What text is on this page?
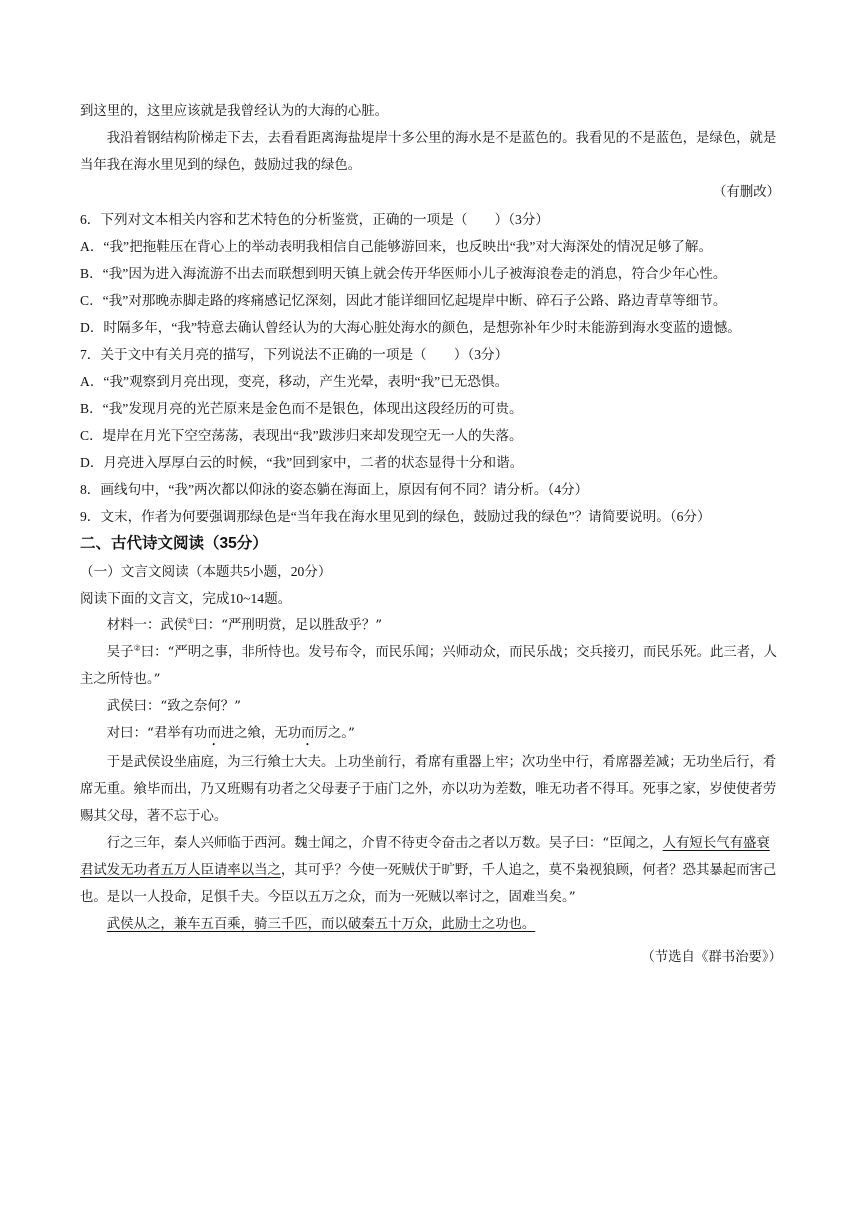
到这里的，这里应该就是我曾经认为的大海的心脏。

我沿着钢结构阶梯走下去，去看看距离海盐堤岸十多公里的海水是不是蓝色的。我看见的不是蓝色，是绿色，就是当年我在海水里见到的绿色，鼓励过我的绿色。

（有删改）

6．下列对文本相关内容和艺术特色的分析鉴赏，正确的一项是（　　）（3分）

A．“我”把拖鞋压在背心上的举动表明我相信自己能够游回来，也反映出“我”对大海深处的情况足够了解。

B．“我”因为进入海流游不出去而联想到明天镇上就会传开华医师小儿子被海浪卷走的消息，符合少年心性。

C．“我”对那晚赤脚走路的疼痛感记忆深刻，因此才能详细回忆起堤岸中断、碎石子公路、路边青草等细节。

D．时隔多年，“我”特意去确认曾经认为的大海心脏处海水的颜色，是想弥补年少时未能游到海水变蓝的遗憾。

7．关于文中有关月亮的描写，下列说法不正确的一项是（　　）（3分）

A．“我”观察到月亮出现，变亮，移动，产生光晕，表明“我”已无恐惧。

B．“我”发现月亮的光芒原来是金色而不是银色，体现出这段经历的可贵。

C．堤岸在月光下空空荡荡，表现出“我”跋涉归来却发现空无一人的失落。

D．月亮进入厚厚白云的时候，“我”回到家中，二者的状态显得十分和谐。

8．画线句中，“我”两次都以仰泳的姿态躺在海面上，原因有何不同？请分析。（4分）

9．文末，作者为何要强调那绿色是“当年我在海水里见到的绿色，鼓励过我的绿色”？请简要说明。（6分）

二、古代诗文阅读（35分）

（一）文言文阅读（本题共5小题，20分）

阅读下面的文言文，完成10~14题。

材料一：武侯①曰：“严刑明赏，足以胜敌乎？”

吴子②曰：“严明之事，非所恃也。发号布令，而民乐闻；兴师动众，而民乐战；交兵接刃，而民乐死。此三者，人主之所恃也。”

武侯曰：“致之奈何？”

对曰：“君举有功而进之飨，无功而厉之。”

于是武侯设坐庙庭，为三行飨士大夫。上功坐前行，肴席有重器上牢；次功坐中行，肴席器差减；无功坐后行，肴席无重。飨毕而出，乃又班赐有功者之父母妻子于庙门之外，亦以功为差数，唯无功者不得耳。死事之家，岁使使者劳赐其父母，著不忘于心。

行之三年，秦人兴师临于西河。魏士闻之，介胄不待吏令奋击之者以万数。吴子曰：“臣闻之，人有短长气有盛衰君试发无功者五万人臣请率以当之，其可乎？今使一死贼伏于旷野，千人追之，莫不枭视狼顾，何者？恐其暴起而害己也。是以一人投命，足惧千夫。今臣以五万之众，而为一死贼以率讨之，固难当矣。”

武侯从之，兼车五百乘，骑三千匹，而以破秦五十万众，此励士之功也。

（节选自《群书治要》）
